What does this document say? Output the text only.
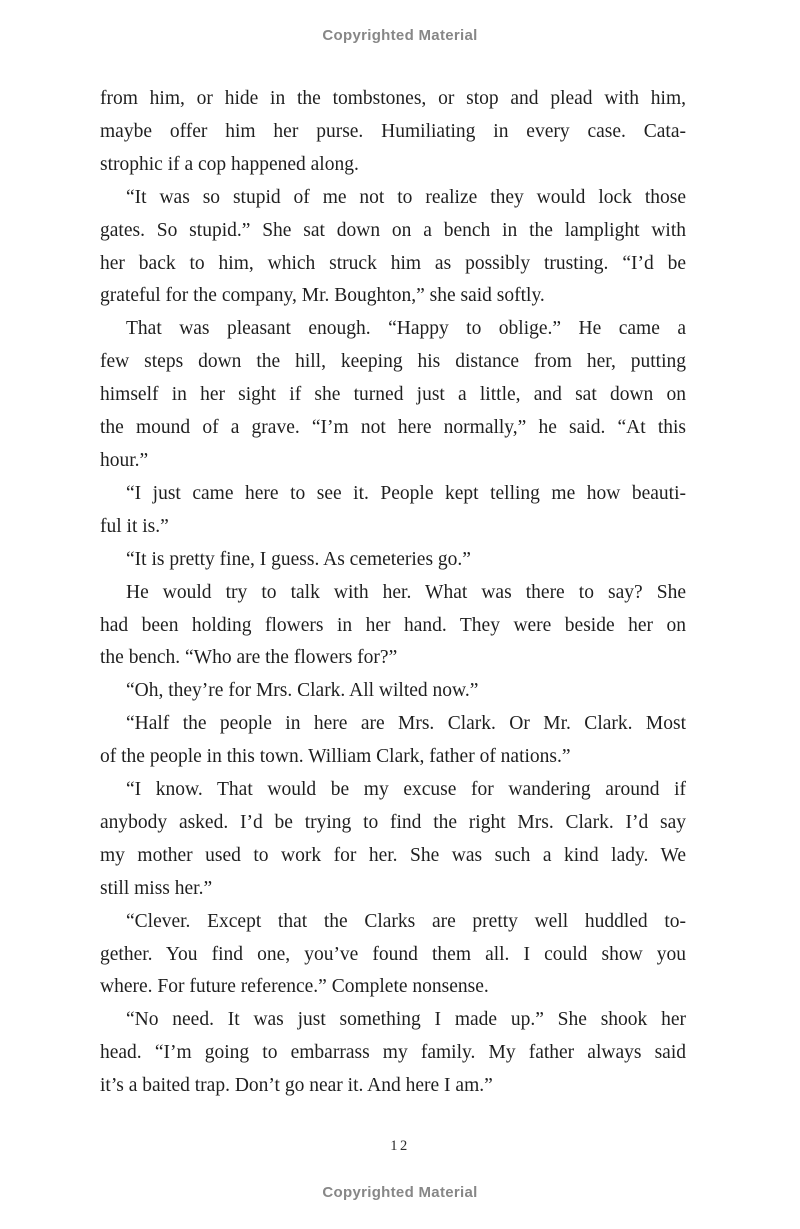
Copyrighted Material
from him, or hide in the tombstones, or stop and plead with him,
maybe offer him her purse. Humiliating in every case. Cata-
strophic if a cop happened along.
“It was so stupid of me not to realize they would lock those
gates. So stupid.” She sat down on a bench in the lamplight with
her back to him, which struck him as possibly trusting. “I’d be
grateful for the company, Mr. Boughton,” she said softly.
That was pleasant enough. “Happy to oblige.” He came a
few steps down the hill, keeping his distance from her, putting
himself in her sight if she turned just a little, and sat down on
the mound of a grave. “I’m not here normally,” he said. “At this
hour.”
“I just came here to see it. People kept telling me how beauti-
ful it is.”
“It is pretty fine, I guess. As cemeteries go.”
He would try to talk with her. What was there to say? She
had been holding flowers in her hand. They were beside her on
the bench. “Who are the flowers for?”
“Oh, they’re for Mrs. Clark. All wilted now.”
“Half the people in here are Mrs. Clark. Or Mr. Clark. Most
of the people in this town. William Clark, father of nations.”
“I know. That would be my excuse for wandering around if
anybody asked. I’d be trying to find the right Mrs. Clark. I’d say
my mother used to work for her. She was such a kind lady. We
still miss her.”
“Clever. Except that the Clarks are pretty well huddled to-
gether. You find one, you’ve found them all. I could show you
where. For future reference.” Complete nonsense.
“No need. It was just something I made up.” She shook her
head. “I’m going to embarrass my family. My father always said
it’s a baited trap. Don’t go near it. And here I am.”
12
Copyrighted Material
